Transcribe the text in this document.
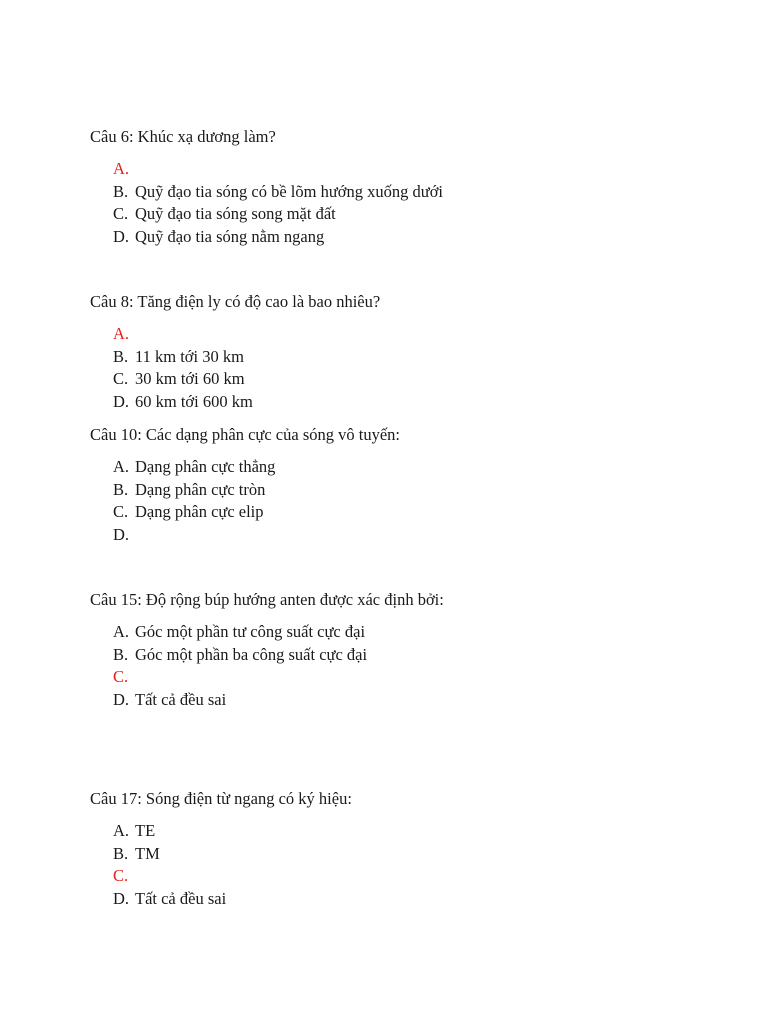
Câu 6: Khúc xạ dương làm?

A.
B. Quỹ đạo tia sóng có bề lõm hướng xuống dưới
C. Quỹ đạo tia sóng song mặt đất
D. Quỹ đạo tia sóng nằm ngang

Câu 8: Tăng điện ly có độ cao là bao nhiêu?

A.
B. 11 km tới 30 km
C. 30 km tới 60 km
D. 60 km tới 600 km

Câu 10: Các dạng phân cực của sóng vô tuyến:

A. Dạng phân cực thẳng
B. Dạng phân cực tròn
C. Dạng phân cực elip
D.

Câu 15: Độ rộng búp hướng anten được xác định bởi:

A. Góc một phần tư công suất cực đại
B. Góc một phần ba công suất cực đại
C.
D. Tất cả đều sai

Câu 17: Sóng điện từ ngang có ký hiệu:

A. TE
B. TM
C.
D. Tất cả đều sai
